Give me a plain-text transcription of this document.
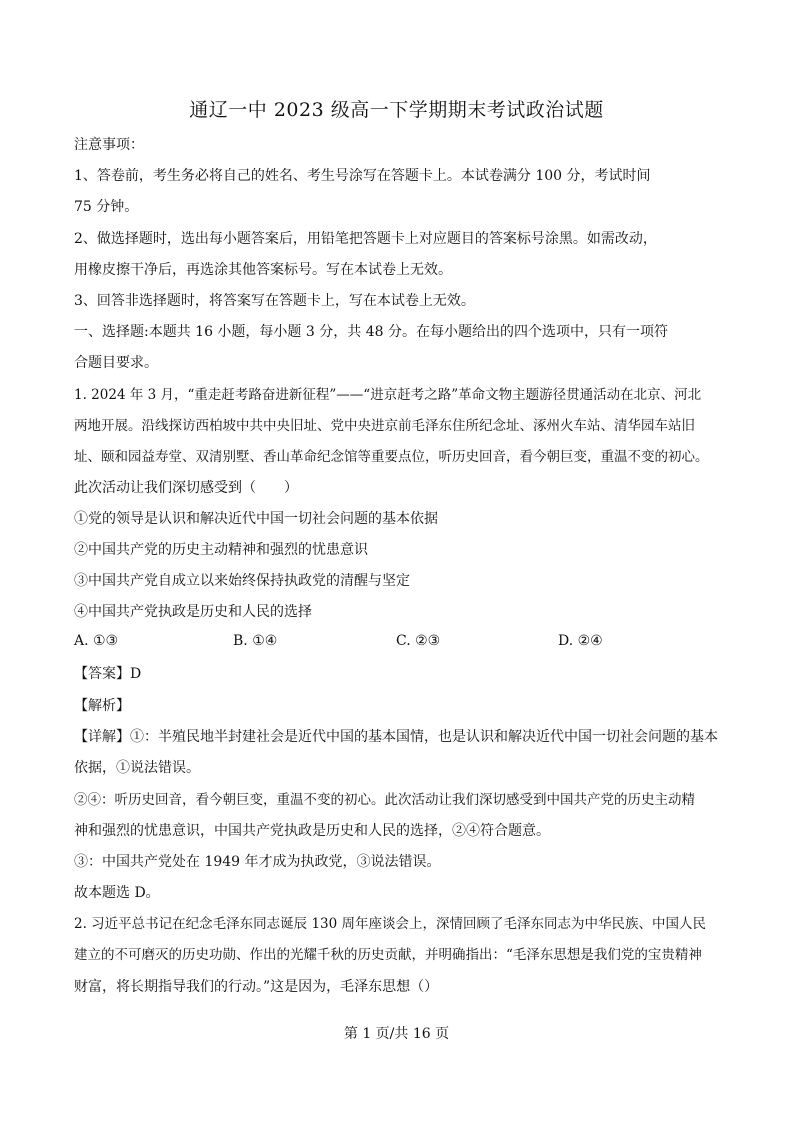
通辽一中 2023 级高一下学期期末考试政治试题
注意事项：
1、答卷前，考生务必将自己的姓名、考生号涂写在答题卡上。本试卷满分 100 分，考试时间
75 分钟。
2、做选择题时，选出每小题答案后，用铅笔把答题卡上对应题目的答案标号涂黑。如需改动，
用橡皮擦干净后，再选涂其他答案标号。写在本试卷上无效。
3、回答非选择题时，将答案写在答题卡上，写在本试卷上无效。
一、选择题:本题共 16 小题，每小题 3 分，共 48 分。在每小题给出的四个选项中，只有一项符
合题目要求。
1. 2024 年 3 月，“重走赶考路奋进新征程”——“进京赶考之路”革命文物主题游径贯通活动在北京、河北
两地开展。沿线探访西柏坡中共中央旧址、党中央进京前毛泽东住所纪念址、涿州火车站、清华园车站旧
址、颐和园益寿堂、双清别墅、香山革命纪念馆等重要点位，听历史回音，看今朝巨变，重温不变的初心。
此次活动让我们深切感受到（　　）
①党的领导是认识和解决近代中国一切社会问题的基本依据
②中国共产党的历史主动精神和强烈的忧患意识
③中国共产党自成立以来始终保持执政党的清醒与坚定
④中国共产党执政是历史和人民的选择
A. ①③	B. ①④	C. ②③	D. ②④
【答案】D
【解析】
【详解】①：半殖民地半封建社会是近代中国的基本国情，也是认识和解决近代中国一切社会问题的基本
依据，①说法错误。
②④：听历史回音，看今朝巨变，重温不变的初心。此次活动让我们深切感受到中国共产党的历史主动精
神和强烈的忧患意识，中国共产党执政是历史和人民的选择，②④符合题意。
③：中国共产党处在 1949 年才成为执政党，③说法错误。
故本题选 D。
2. 习近平总书记在纪念毛泽东同志诞辰 130 周年座谈会上，深情回顾了毛泽东同志为中华民族、中国人民
建立的不可磨灭的历史功勋、作出的光耀千秋的历史贡献，并明确指出：“毛泽东思想是我们党的宝贵精神
财富，将长期指导我们的行动。”这是因为，毛泽东思想（）
第 1 页/共 16 页
